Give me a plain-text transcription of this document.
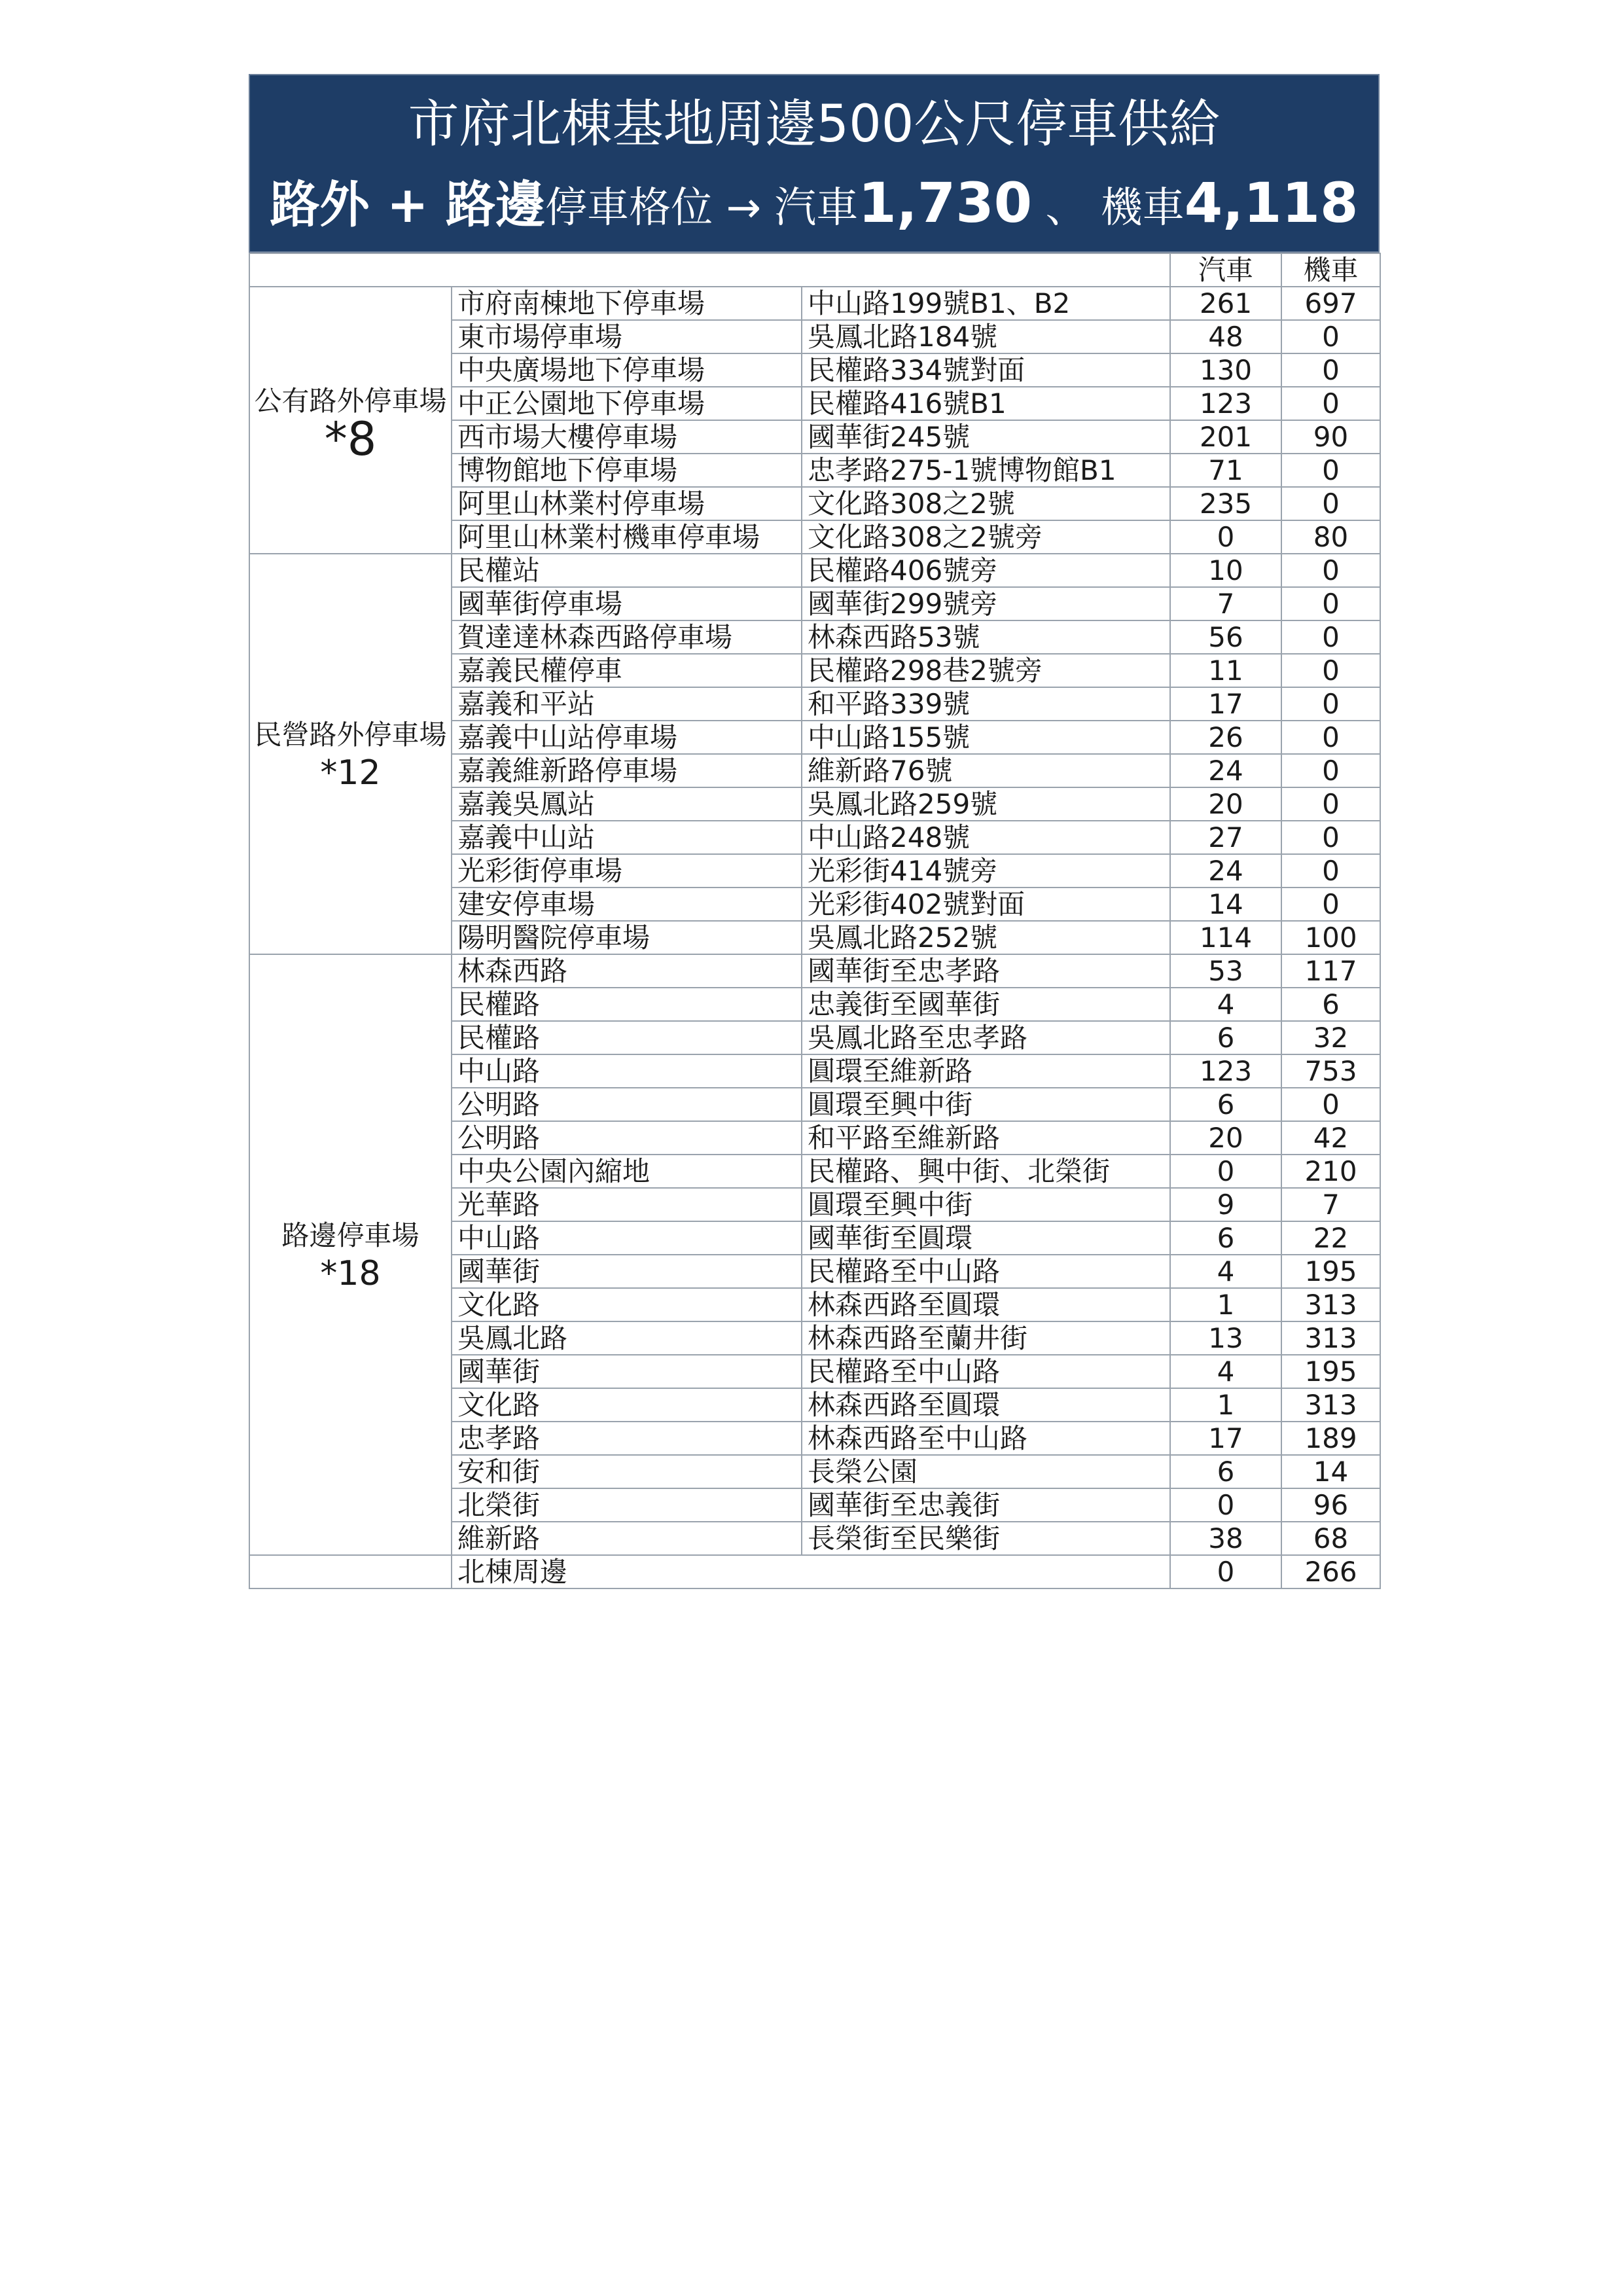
市府北棟基地周邊500公尺停車供給
路外 + 路邊停車格位 → 汽車1,730 、 機車4,118
			汽車	機車

公有路外停車場
*8	市府南棟地下停車場	中山路199號B1、B2	261	697
	東市場停車場	吳鳳北路184號	48	0
	中央廣場地下停車場	民權路334號對面	130	0
	中正公園地下停車場	民權路416號B1	123	0
	西市場大樓停車場	國華街245號	201	90
	博物館地下停車場	忠孝路275-1號博物館B1	71	0
	阿里山林業村停車場	文化路308之2號	235	0
	阿里山林業村機車停車場	文化路308之2號旁	0	80

民營路外停車場
*12	民權站	民權路406號旁	10	0
	國華街停車場	國華街299號旁	7	0
	賀達達林森西路停車場	林森西路53號	56	0
	嘉義民權停車	民權路298巷2號旁	11	0
	嘉義和平站	和平路339號	17	0
	嘉義中山站停車場	中山路155號	26	0
	嘉義維新路停車場	維新路76號	24	0
	嘉義吳鳳站	吳鳳北路259號	20	0
	嘉義中山站	中山路248號	27	0
	光彩街停車場	光彩街414號旁	24	0
	建安停車場	光彩街402號對面	14	0
	陽明醫院停車場	吳鳳北路252號	114	100

路邊停車場
*18	林森西路	國華街至忠孝路	53	117
	民權路	忠義街至國華街	4	6
	民權路	吳鳳北路至忠孝路	6	32
	中山路	圓環至維新路	123	753
	公明路	圓環至興中街	6	0
	公明路	和平路至維新路	20	42
	中央公園內縮地	民權路、興中街、北榮街	0	210
	光華路	圓環至興中街	9	7
	中山路	國華街至圓環	6	22
	國華街	民權路至中山路	4	195
	文化路	林森西路至圓環	1	313
	吳鳳北路	林森西路至蘭井街	13	313
	國華街	民權路至中山路	4	195
	文化路	林森西路至圓環	1	313
	忠孝路	林森西路至中山路	17	189
	安和街	長榮公園	6	14
	北榮街	國華街至忠義街	0	96
	維新路	長榮街至民樂街	38	68
	北棟周邊		0	266
